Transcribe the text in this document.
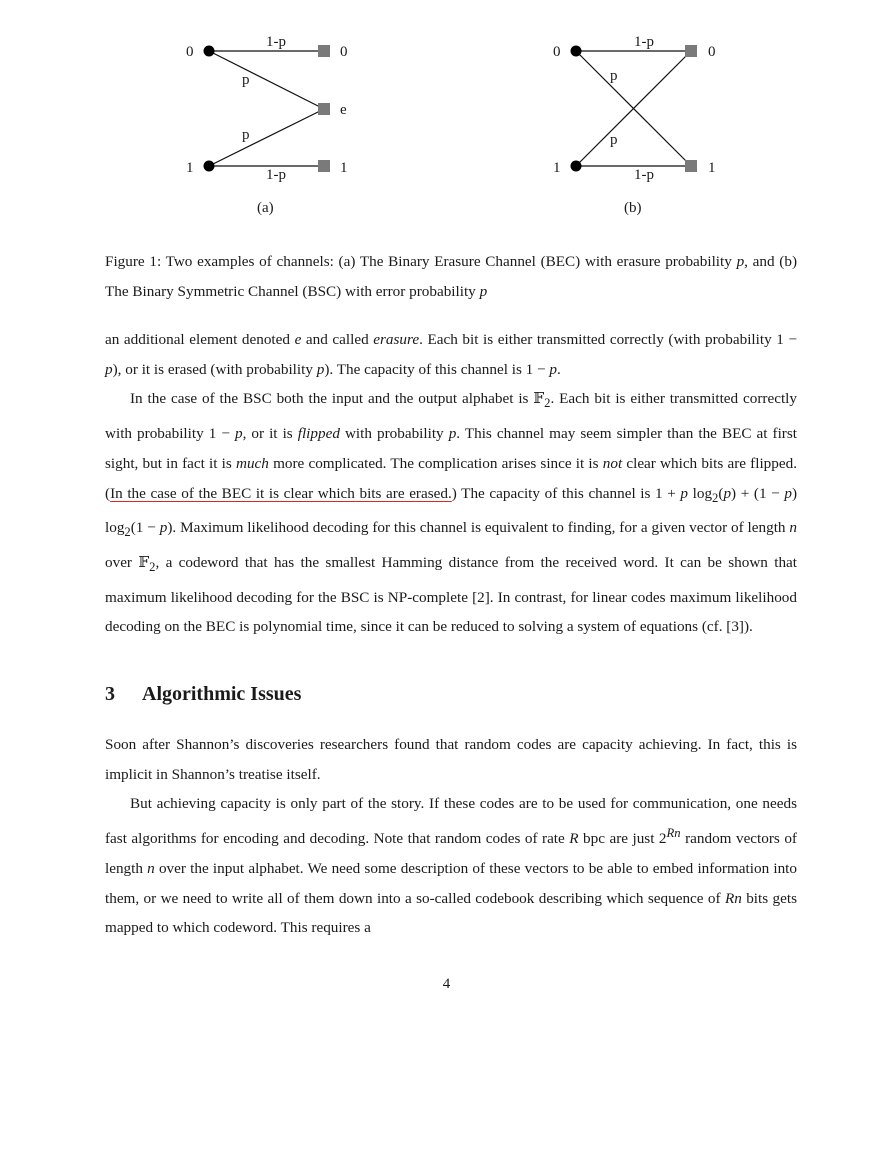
0
1
0
e
1
1-p
p
p
1-p
(a)
0
1
0
1
1-p
p
p
1-p
(b)
Figure 1: Two examples of channels: (a) The Binary Erasure Channel (BEC) with erasure probability p, and (b) The Binary Symmetric Channel (BSC) with error probability p

an additional element denoted e and called erasure. Each bit is either transmitted correctly (with probability 1 − p), or it is erased (with probability p). The capacity of this channel is 1 − p.

In the case of the BSC both the input and the output alphabet is 𝔽$_2$. Each bit is either transmitted correctly with probability 1 − p, or it is flipped with probability p. This channel may seem simpler than the BEC at first sight, but in fact it is much more complicated. The complication arises since it is not clear which bits are flipped. (In the case of the BEC it is clear which bits are erased.) The capacity of this channel is 1 + p $\log_2(p) + (1 - p) \log_2(1 - p)$. Maximum likelihood decoding for this channel is equivalent to finding, for a given vector of length n over 𝔽$_2$, a codeword that has the smallest Hamming distance from the received word. It can be shown that maximum likelihood decoding for the BSC is NP-complete [2]. In contrast, for linear codes maximum likelihood decoding on the BEC is polynomial time, since it can be reduced to solving a system of equations (cf. [3]).

3 Algorithmic Issues

Soon after Shannon’s discoveries researchers found that random codes are capacity achieving. In fact, this is implicit in Shannon’s treatise itself.

But achieving capacity is only part of the story. If these codes are to be used for communication, one needs fast algorithms for encoding and decoding. Note that random codes of rate R bpc are just $2^{Rn}$ random vectors of length n over the input alphabet. We need some description of these vectors to be able to embed information into them, or we need to write all of them down into a so-called codebook describing which sequence of Rn bits gets mapped to which codeword. This requires a

4
